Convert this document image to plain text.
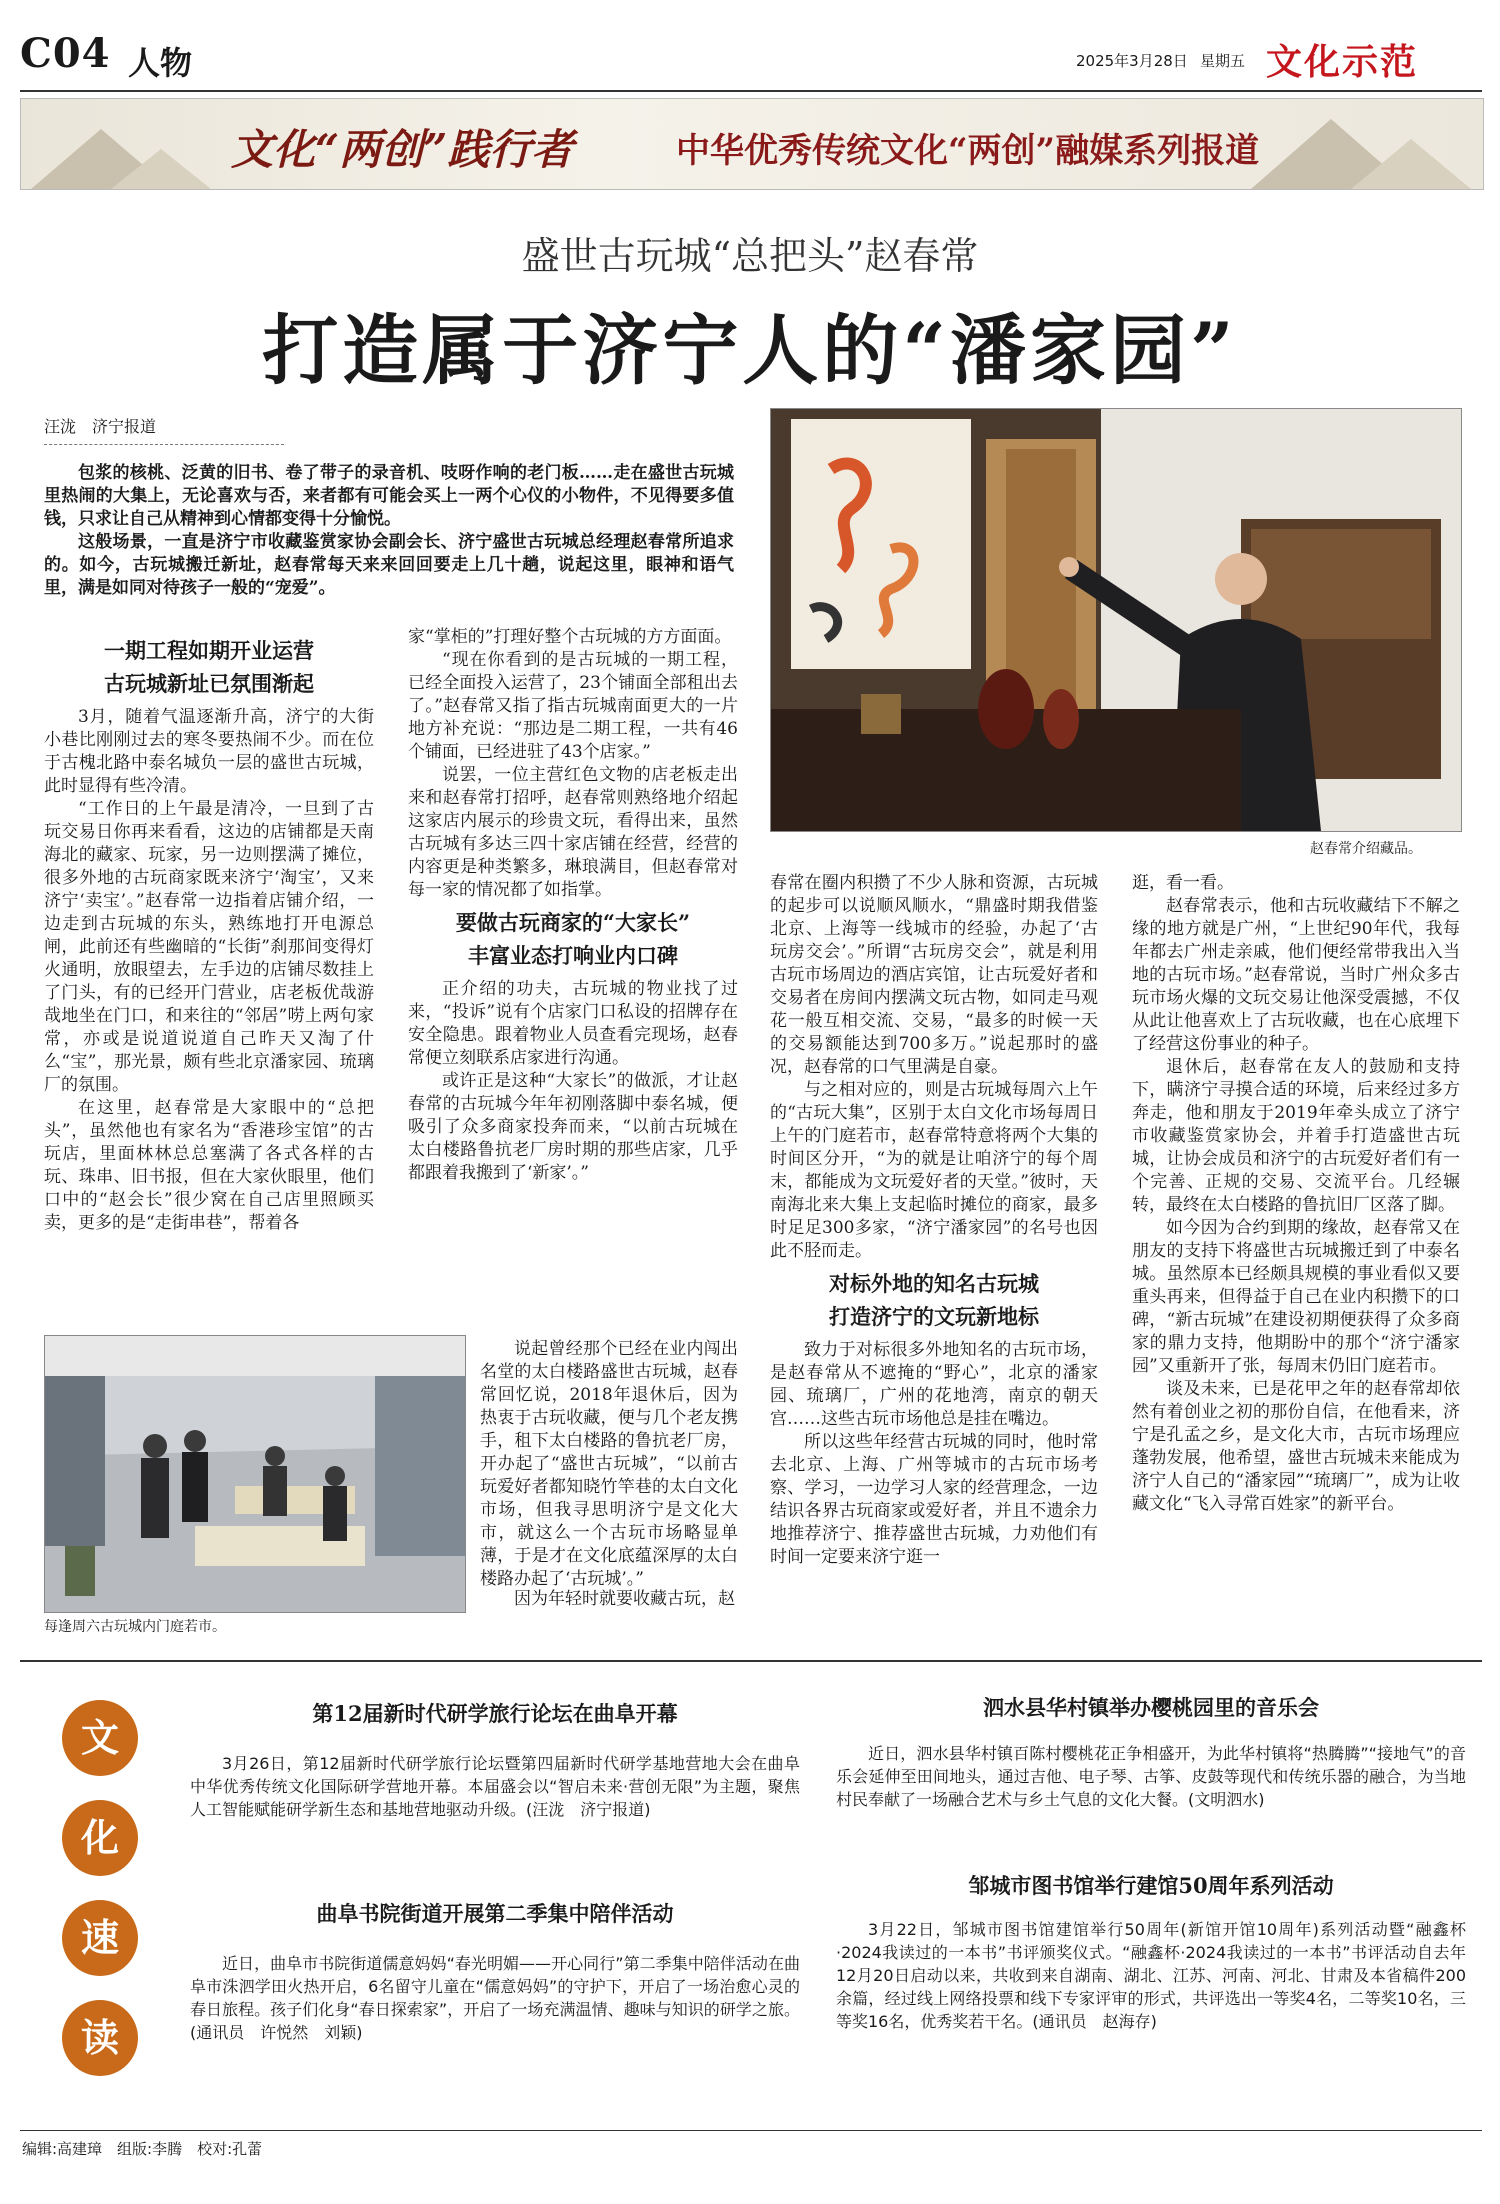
C04 人物	2025年3月28日 星期五 文化示范
文化“两创”践行者	中华优秀传统文化“两创”融媒系列报道
盛世古玩城“总把头”赵春常
打造属于济宁人的“潘家园”
汪泷　济宁报道

包浆的核桃、泛黄的旧书、卷了带子的录音机、吱呀作响的老门板……走在盛世古玩城里热闹的大集上，无论喜欢与否，来者都有可能会买上一两个心仪的小物件，不见得要多值钱，只求让自己从精神到心情都变得十分愉悦。

这般场景，一直是济宁市收藏鉴赏家协会副会长、济宁盛世古玩城总经理赵春常所追求的。如今，古玩城搬迁新址，赵春常每天来来回回要走上几十趟，说起这里，眼神和语气里，满是如同对待孩子一般的“宠爱”。

赵春常介绍藏品。
一期工程如期开业运营
古玩城新址已氛围渐起

3月，随着气温逐渐升高，济宁的大街小巷比刚刚过去的寒冬要热闹不少。而在位于古槐北路中泰名城负一层的盛世古玩城，此时显得有些冷清。

“工作日的上午最是清冷，一旦到了古玩交易日你再来看看，这边的店铺都是天南海北的藏家、玩家，另一边则摆满了摊位，很多外地的古玩商家既来济宁‘淘宝’，又来济宁‘卖宝’。”赵春常一边指着店铺介绍，一边走到古玩城的东头，熟练地打开电源总闸，此前还有些幽暗的“长街”刹那间变得灯火通明，放眼望去，左手边的店铺尽数挂上了门头，有的已经开门营业，店老板优哉游哉地坐在门口，和来往的“邻居”唠上两句家常，亦或是说道说道自己昨天又淘了什么“宝”，那光景，颇有些北京潘家园、琉璃厂的氛围。

在这里，赵春常是大家眼中的“总把头”，虽然他也有家名为“香港珍宝馆”的古玩店，里面林林总总塞满了各式各样的古玩、珠串、旧书报，但在大家伙眼里，他们口中的“赵会长”很少窝在自己店里照顾买卖，更多的是“走街串巷”，帮着各

家“掌柜的”打理好整个古玩城的方方面面。

“现在你看到的是古玩城的一期工程，已经全面投入运营了，23个铺面全部租出去了。”赵春常又指了指古玩城南面更大的一片地方补充说：“那边是二期工程，一共有46个铺面，已经进驻了43个店家。”

说罢，一位主营红色文物的店老板走出来和赵春常打招呼，赵春常则熟络地介绍起这家店内展示的珍贵文玩，看得出来，虽然古玩城有多达三四十家店铺在经营，经营的内容更是种类繁多，琳琅满目，但赵春常对每一家的情况都了如指掌。

要做古玩商家的“大家长”
丰富业态打响业内口碑

正介绍的功夫，古玩城的物业找了过来，“投诉”说有个店家门口私设的招牌存在安全隐患。跟着物业人员查看完现场，赵春常便立刻联系店家进行沟通。

或许正是这种“大家长”的做派，才让赵春常的古玩城今年年初刚落脚中泰名城，便吸引了众多商家投奔而来，“以前古玩城在太白楼路鲁抗老厂房时期的那些店家，几乎都跟着我搬到了‘新家’。”

说起曾经那个已经在业内闯出名堂的太白楼路盛世古玩城，赵春常回忆说，2018年退休后，因为热衷于古玩收藏，便与几个老友携手，租下太白楼路的鲁抗老厂房，开办起了“盛世古玩城”，“以前古玩爱好者都知晓竹竿巷的太白文化市场，但我寻思明济宁是文化大市，就这么一个古玩市场略显单薄，于是才在文化底蕴深厚的太白楼路办起了‘古玩城’。”

因为年轻时就要收藏古玩，赵

每逢周六古玩城内门庭若市。

春常在圈内积攒了不少人脉和资源，古玩城的起步可以说顺风顺水，“鼎盛时期我借鉴北京、上海等一线城市的经验，办起了‘古玩房交会’。”所谓“古玩房交会”，就是利用古玩市场周边的酒店宾馆，让古玩爱好者和交易者在房间内摆满文玩古物，如同走马观花一般互相交流、交易，“最多的时候一天的交易额能达到700多万。”说起那时的盛况，赵春常的口气里满是自豪。

与之相对应的，则是古玩城每周六上午的“古玩大集”，区别于太白文化市场每周日上午的门庭若市，赵春常特意将两个大集的时间区分开，“为的就是让咱济宁的每个周末，都能成为文玩爱好者的天堂。”彼时，天南海北来大集上支起临时摊位的商家，最多时足足300多家，“济宁潘家园”的名号也因此不胫而走。

对标外地的知名古玩城
打造济宁的文玩新地标

致力于对标很多外地知名的古玩市场，是赵春常从不遮掩的“野心”，北京的潘家园、琉璃厂，广州的花地湾，南京的朝天宫……这些古玩市场他总是挂在嘴边。

所以这些年经营古玩城的同时，他时常去北京、上海、广州等城市的古玩市场考察、学习，一边学习人家的经营理念，一边结识各界古玩商家或爱好者，并且不遗余力地推荐济宁、推荐盛世古玩城，力劝他们有时间一定要来济宁逛一

逛，看一看。

赵春常表示，他和古玩收藏结下不解之缘的地方就是广州，“上世纪90年代，我每年都去广州走亲戚，他们便经常带我出入当地的古玩市场。”赵春常说，当时广州众多古玩市场火爆的文玩交易让他深受震撼，不仅从此让他喜欢上了古玩收藏，也在心底埋下了经营这份事业的种子。

退休后，赵春常在友人的鼓励和支持下，瞒济宁寻摸合适的环境，后来经过多方奔走，他和朋友于2019年牵头成立了济宁市收藏鉴赏家协会，并着手打造盛世古玩城，让协会成员和济宁的古玩爱好者们有一个完善、正规的交易、交流平台。几经辗转，最终在太白楼路的鲁抗旧厂区落了脚。

如今因为合约到期的缘故，赵春常又在朋友的支持下将盛世古玩城搬迁到了中泰名城。虽然原本已经颇具规模的事业看似又要重头再来，但得益于自己在业内积攒下的口碑，“新古玩城”在建设初期便获得了众多商家的鼎力支持，他期盼中的那个“济宁潘家园”又重新开了张，每周末仍旧门庭若市。

谈及未来，已是花甲之年的赵春常却依然有着创业之初的那份自信，在他看来，济宁是孔孟之乡，是文化大市，古玩市场理应蓬勃发展，他希望，盛世古玩城未来能成为济宁人自己的“潘家园”“琉璃厂”，成为让收藏文化“飞入寻常百姓家”的新平台。

文
化
速
读
第12届新时代研学旅行论坛在曲阜开幕

3月26日，第12届新时代研学旅行论坛暨第四届新时代研学基地营地大会在曲阜中华优秀传统文化国际研学营地开幕。本届盛会以“智启未来·营创无限”为主题，聚焦人工智能赋能研学新生态和基地营地驱动升级。(汪泷　济宁报道)

曲阜书院街道开展第二季集中陪伴活动

近日，曲阜市书院街道儒意妈妈“春光明媚——开心同行”第二季集中陪伴活动在曲阜市洙泗学田火热开启，6名留守儿童在“儒意妈妈”的守护下，开启了一场治愈心灵的春日旅程。孩子们化身“春日探索家”，开启了一场充满温情、趣味与知识的研学之旅。(通讯员　许悦然　刘颖)

泗水县华村镇举办樱桃园里的音乐会

近日，泗水县华村镇百陈村樱桃花正争相盛开，为此华村镇将“热腾腾”“接地气”的音乐会延伸至田间地头，通过吉他、电子琴、古筝、皮鼓等现代和传统乐器的融合，为当地村民奉献了一场融合艺术与乡土气息的文化大餐。(文明泗水)

邹城市图书馆举行建馆50周年系列活动

3月22日，邹城市图书馆建馆举行50周年(新馆开馆10周年)系列活动暨“融鑫杯·2024我读过的一本书”书评颁奖仪式。“融鑫杯·2024我读过的一本书”书评活动自去年12月20日启动以来，共收到来自湖南、湖北、江苏、河南、河北、甘肃及本省稿件200余篇，经过线上网络投票和线下专家评审的形式，共评选出一等奖4名，二等奖10名，三等奖16名，优秀奖若干名。(通讯员　赵海存)

编辑:高建璋　组版:李腾　校对:孔蕾
